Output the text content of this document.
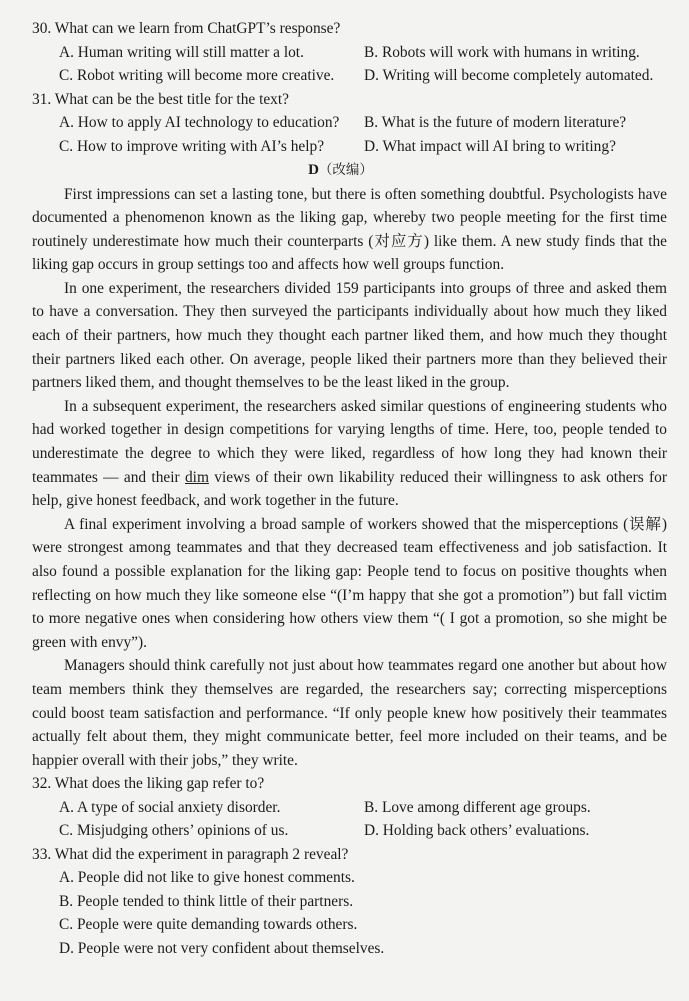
30. What can we learn from ChatGPT’s response?
A. Human writing will still matter a lot.	B. Robots will work with humans in writing.
C. Robot writing will become more creative.	D. Writing will become completely automated.
31. What can be the best title for the text?
A. How to apply AI technology to education?	B. What is the future of modern literature?
C. How to improve writing with AI’s help?	D. What impact will AI bring to writing?
D（改编）

First impressions can set a lasting tone, but there is often something doubtful. Psychologists have documented a phenomenon known as the liking gap, whereby two people meeting for the first time routinely underestimate how much their counterparts (对应方) like them. A new study finds that the liking gap occurs in group settings too and affects how well groups function.

In one experiment, the researchers divided 159 participants into groups of three and asked them to have a conversation. They then surveyed the participants individually about how much they liked each of their partners, how much they thought each partner liked them, and how much they thought their partners liked each other. On average, people liked their partners more than they believed their partners liked them, and thought themselves to be the least liked in the group.

In a subsequent experiment, the researchers asked similar questions of engineering students who had worked together in design competitions for varying lengths of time. Here, too, people tended to underestimate the degree to which they were liked, regardless of how long they had known their teammates — and their dim views of their own likability reduced their willingness to ask others for help, give honest feedback, and work together in the future.

A final experiment involving a broad sample of workers showed that the misperceptions (误解) were strongest among teammates and that they decreased team effectiveness and job satisfaction. It also found a possible explanation for the liking gap: People tend to focus on positive thoughts when reflecting on how much they like someone else “(I’m happy that she got a promotion”) but fall victim to more negative ones when considering how others view them “( I got a promotion, so she might be green with envy”).

Managers should think carefully not just about how teammates regard one another but about how team members think they themselves are regarded, the researchers say; correcting misperceptions could boost team satisfaction and performance. “If only people knew how positively their teammates actually felt about them, they might communicate better, feel more included on their teams, and be happier overall with their jobs,” they write.

32. What does the liking gap refer to?
A. A type of social anxiety disorder.	B. Love among different age groups.
C. Misjudging others’ opinions of us.	D. Holding back others’ evaluations.
33. What did the experiment in paragraph 2 reveal?
A. People did not like to give honest comments.
B. People tended to think little of their partners.
C. People were quite demanding towards others.
D. People were not very confident about themselves.
